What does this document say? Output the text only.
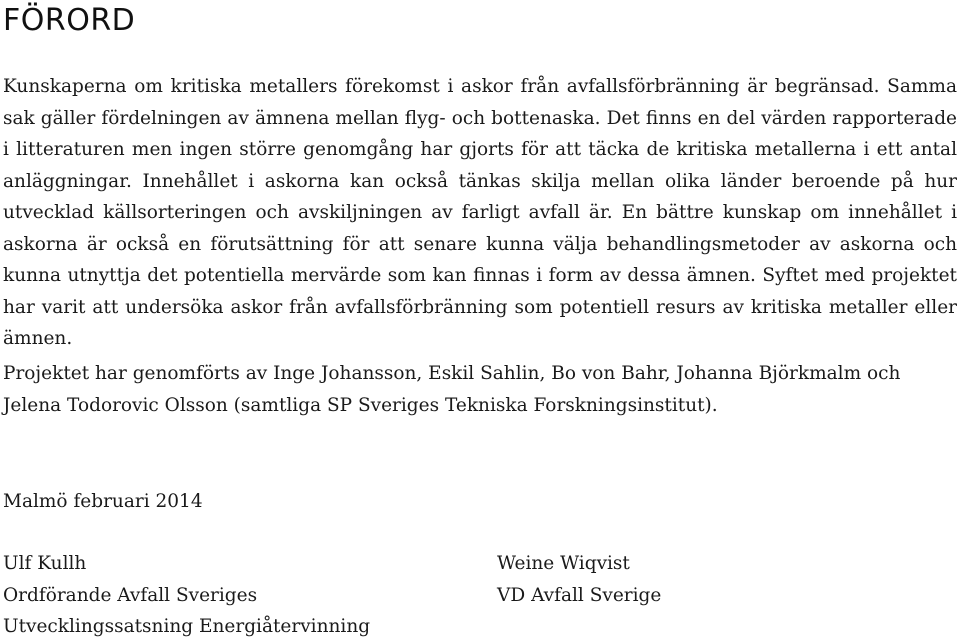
FÖRORD

Kunskaperna om kritiska metallers förekomst i askor från avfallsförbränning är begränsad. Samma sak gäller fördelningen av ämnena mellan flyg- och bottenaska. Det finns en del värden rapporterade i litteraturen men ingen större genomgång har gjorts för att täcka de kritiska metallerna i ett antal anläggningar. Innehållet i askorna kan också tänkas skilja mellan olika länder beroende på hur utvecklad källsorteringen och avskiljningen av farligt avfall är. En bättre kunskap om innehållet i askorna är också en förutsättning för att senare kunna välja behandlingsmetoder av askorna och kunna utnyttja det potentiella mervärde som kan finnas i form av dessa ämnen. Syftet med projektet har varit att undersöka askor från avfallsförbränning som potentiell resurs av kritiska metaller eller ämnen.

Projektet har genomförts av Inge Johansson, Eskil Sahlin, Bo von Bahr, Johanna Björkmalm och Jelena Todorovic Olsson (samtliga SP Sveriges Tekniska Forskningsinstitut).

Malmö februari 2014

Ulf Kullh
Ordförande Avfall Sveriges
Utvecklingssatsning Energiåtervinning
Weine Wiqvist
VD Avfall Sverige
